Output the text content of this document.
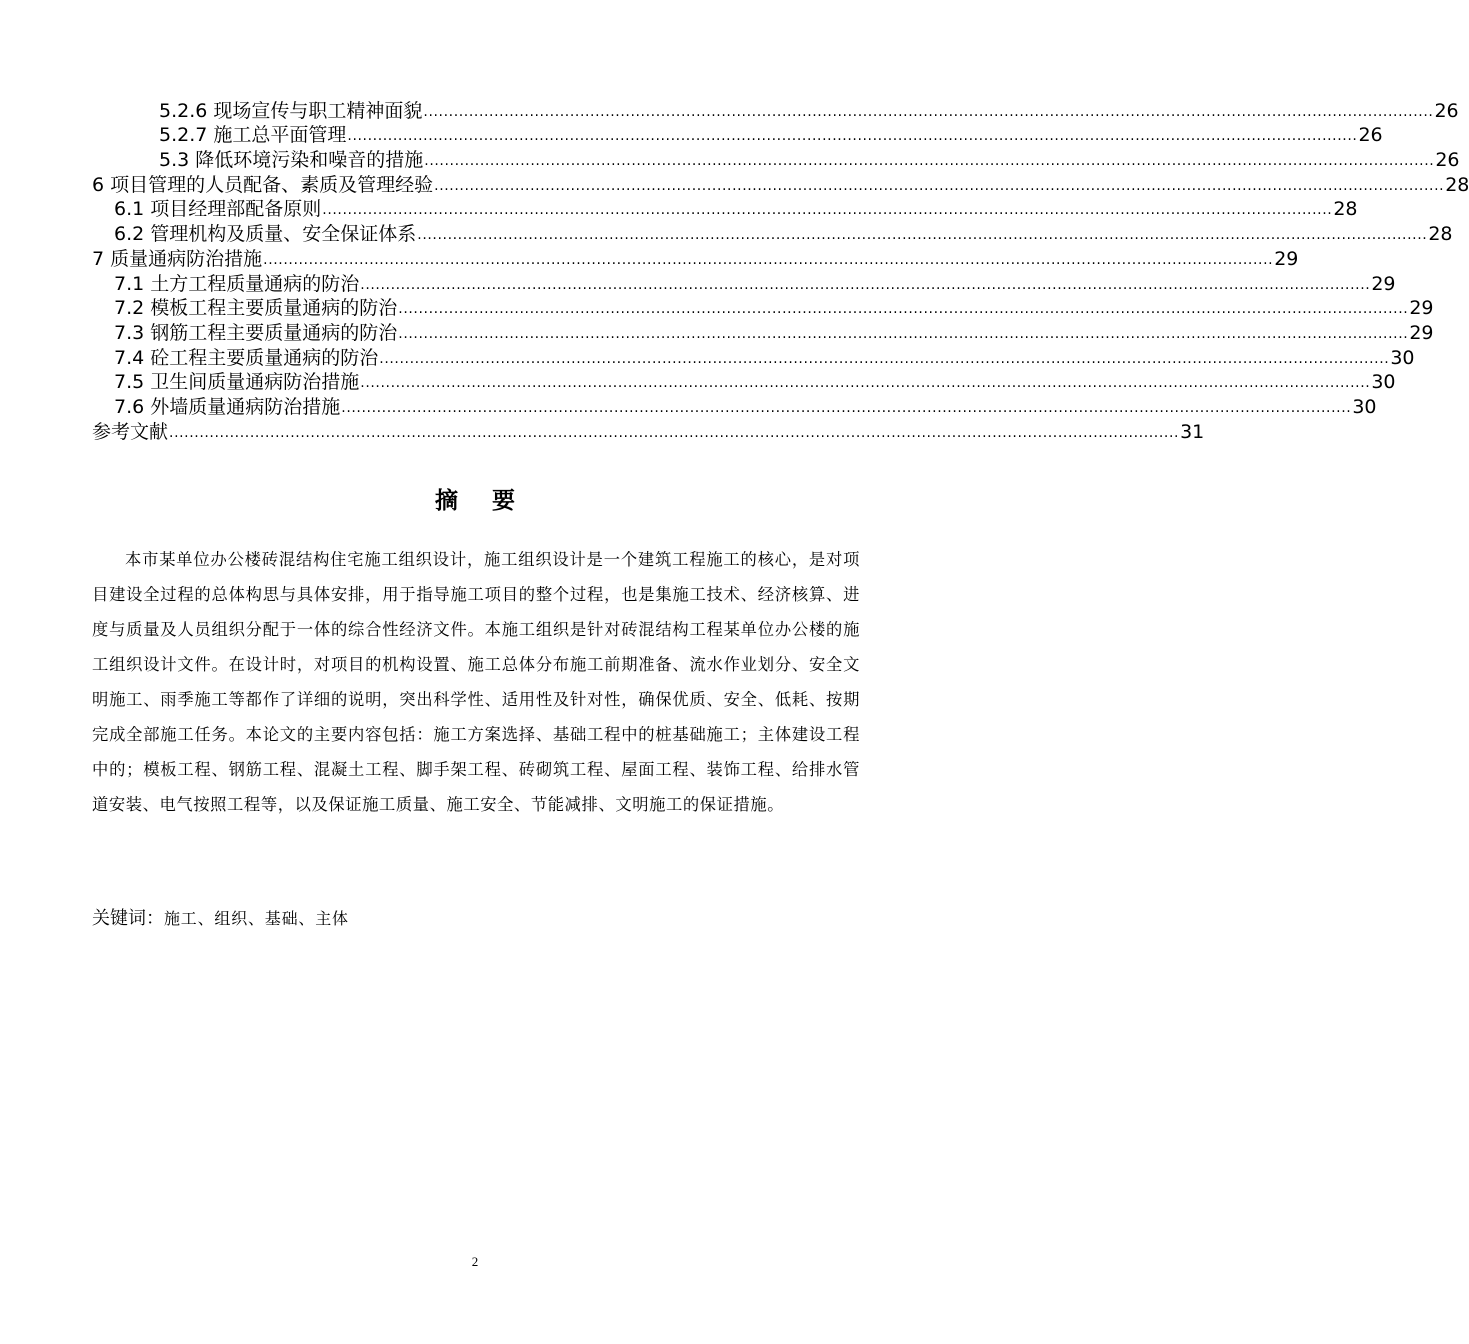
5.2.6 现场宣传与职工精神面貌 ........................................................................................................................................................................................................ 26
5.2.7 施工总平面管理 ........................................................................................................................................................................................................ 26
5.3 降低环境污染和噪音的措施 ........................................................................................................................................................................................................ 26
6 项目管理的人员配备、素质及管理经验 ........................................................................................................................................................................................................ 28
6.1 项目经理部配备原则 ........................................................................................................................................................................................................ 28
6.2 管理机构及质量、安全保证体系 ........................................................................................................................................................................................................ 28
7 质量通病防治措施 ........................................................................................................................................................................................................ 29
7.1 土方工程质量通病的防治 ........................................................................................................................................................................................................ 29
7.2 模板工程主要质量通病的防治 ........................................................................................................................................................................................................ 29
7.3 钢筋工程主要质量通病的防治 ........................................................................................................................................................................................................ 29
7.4 砼工程主要质量通病的防治 ........................................................................................................................................................................................................ 30
7.5 卫生间质量通病防治措施 ........................................................................................................................................................................................................ 30
7.6 外墙质量通病防治措施 ........................................................................................................................................................................................................ 30
参考文献 ........................................................................................................................................................................................................ 31
摘要
本市某单位办公楼砖混结构住宅施工组织设计，施工组织设计是一个建筑工程施工的核心，是对项目建设全过程的总体构思与具体安排，用于指导施工项目的整个过程，也是集施工技术、经济核算、进度与质量及人员组织分配于一体的综合性经济文件。本施工组织是针对砖混结构工程某单位办公楼的施工组织设计文件。在设计时，对项目的机构设置、施工总体分布施工前期准备、流水作业划分、安全文明施工、雨季施工等都作了详细的说明，突出科学性、适用性及针对性，确保优质、安全、低耗、按期完成全部施工任务。本论文的主要内容包括：施工方案选择、基础工程中的桩基础施工；主体建设工程中的；模板工程、钢筋工程、混凝土工程、脚手架工程、砖砌筑工程、屋面工程、装饰工程、给排水管道安装、电气按照工程等，以及保证施工质量、施工安全、节能减排、文明施工的保证措施。
关键词：施工、组织、基础、主体
2
